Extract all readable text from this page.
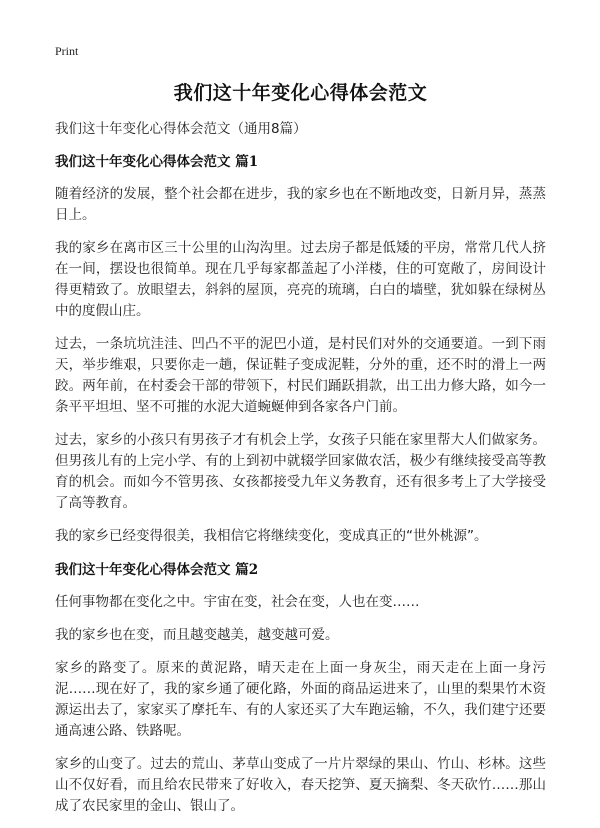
Print
我们这十年变化心得体会范文
我们这十年变化心得体会范文（通用8篇）
我们这十年变化心得体会范文 篇1

随着经济的发展，整个社会都在进步，我的家乡也在不断地改变，日新月异，蒸蒸日上。

我的家乡在离市区三十公里的山沟沟里。过去房子都是低矮的平房，常常几代人挤在一间，摆设也很简单。现在几乎每家都盖起了小洋楼，住的可宽敞了，房间设计得更精致了。放眼望去，斜斜的屋顶，亮亮的琉璃，白白的墙壁，犹如躲在绿树丛中的度假山庄。

过去，一条坑坑洼洼、凹凸不平的泥巴小道，是村民们对外的交通要道。一到下雨天，举步维艰，只要你走一趟，保证鞋子变成泥鞋，分外的重，还不时的滑上一两跤。两年前，在村委会干部的带领下，村民们踊跃捐款，出工出力修大路，如今一条平平坦坦、坚不可摧的水泥大道蜿蜒伸到各家各户门前。

过去，家乡的小孩只有男孩子才有机会上学，女孩子只能在家里帮大人们做家务。但男孩儿有的上完小学、有的上到初中就辍学回家做农活，极少有继续接受高等教育的机会。而如今不管男孩、女孩都接受九年义务教育，还有很多考上了大学接受了高等教育。

我的家乡已经变得很美，我相信它将继续变化，变成真正的“世外桃源”。

我们这十年变化心得体会范文 篇2

任何事物都在变化之中。宇宙在变，社会在变，人也在变……

我的家乡也在变，而且越变越美，越变越可爱。

家乡的路变了。原来的黄泥路，晴天走在上面一身灰尘，雨天走在上面一身污泥……现在好了，我的家乡通了硬化路，外面的商品运进来了，山里的梨果竹木资源运出去了，家家买了摩托车、有的人家还买了大车跑运输，不久，我们建宁还要通高速公路、铁路呢。

家乡的山变了。过去的荒山、茅草山变成了一片片翠绿的果山、竹山、杉林。这些山不仅好看，而且给农民带来了好收入，春天挖笋、夏天摘梨、冬天砍竹……那山成了农民家里的金山、银山了。
